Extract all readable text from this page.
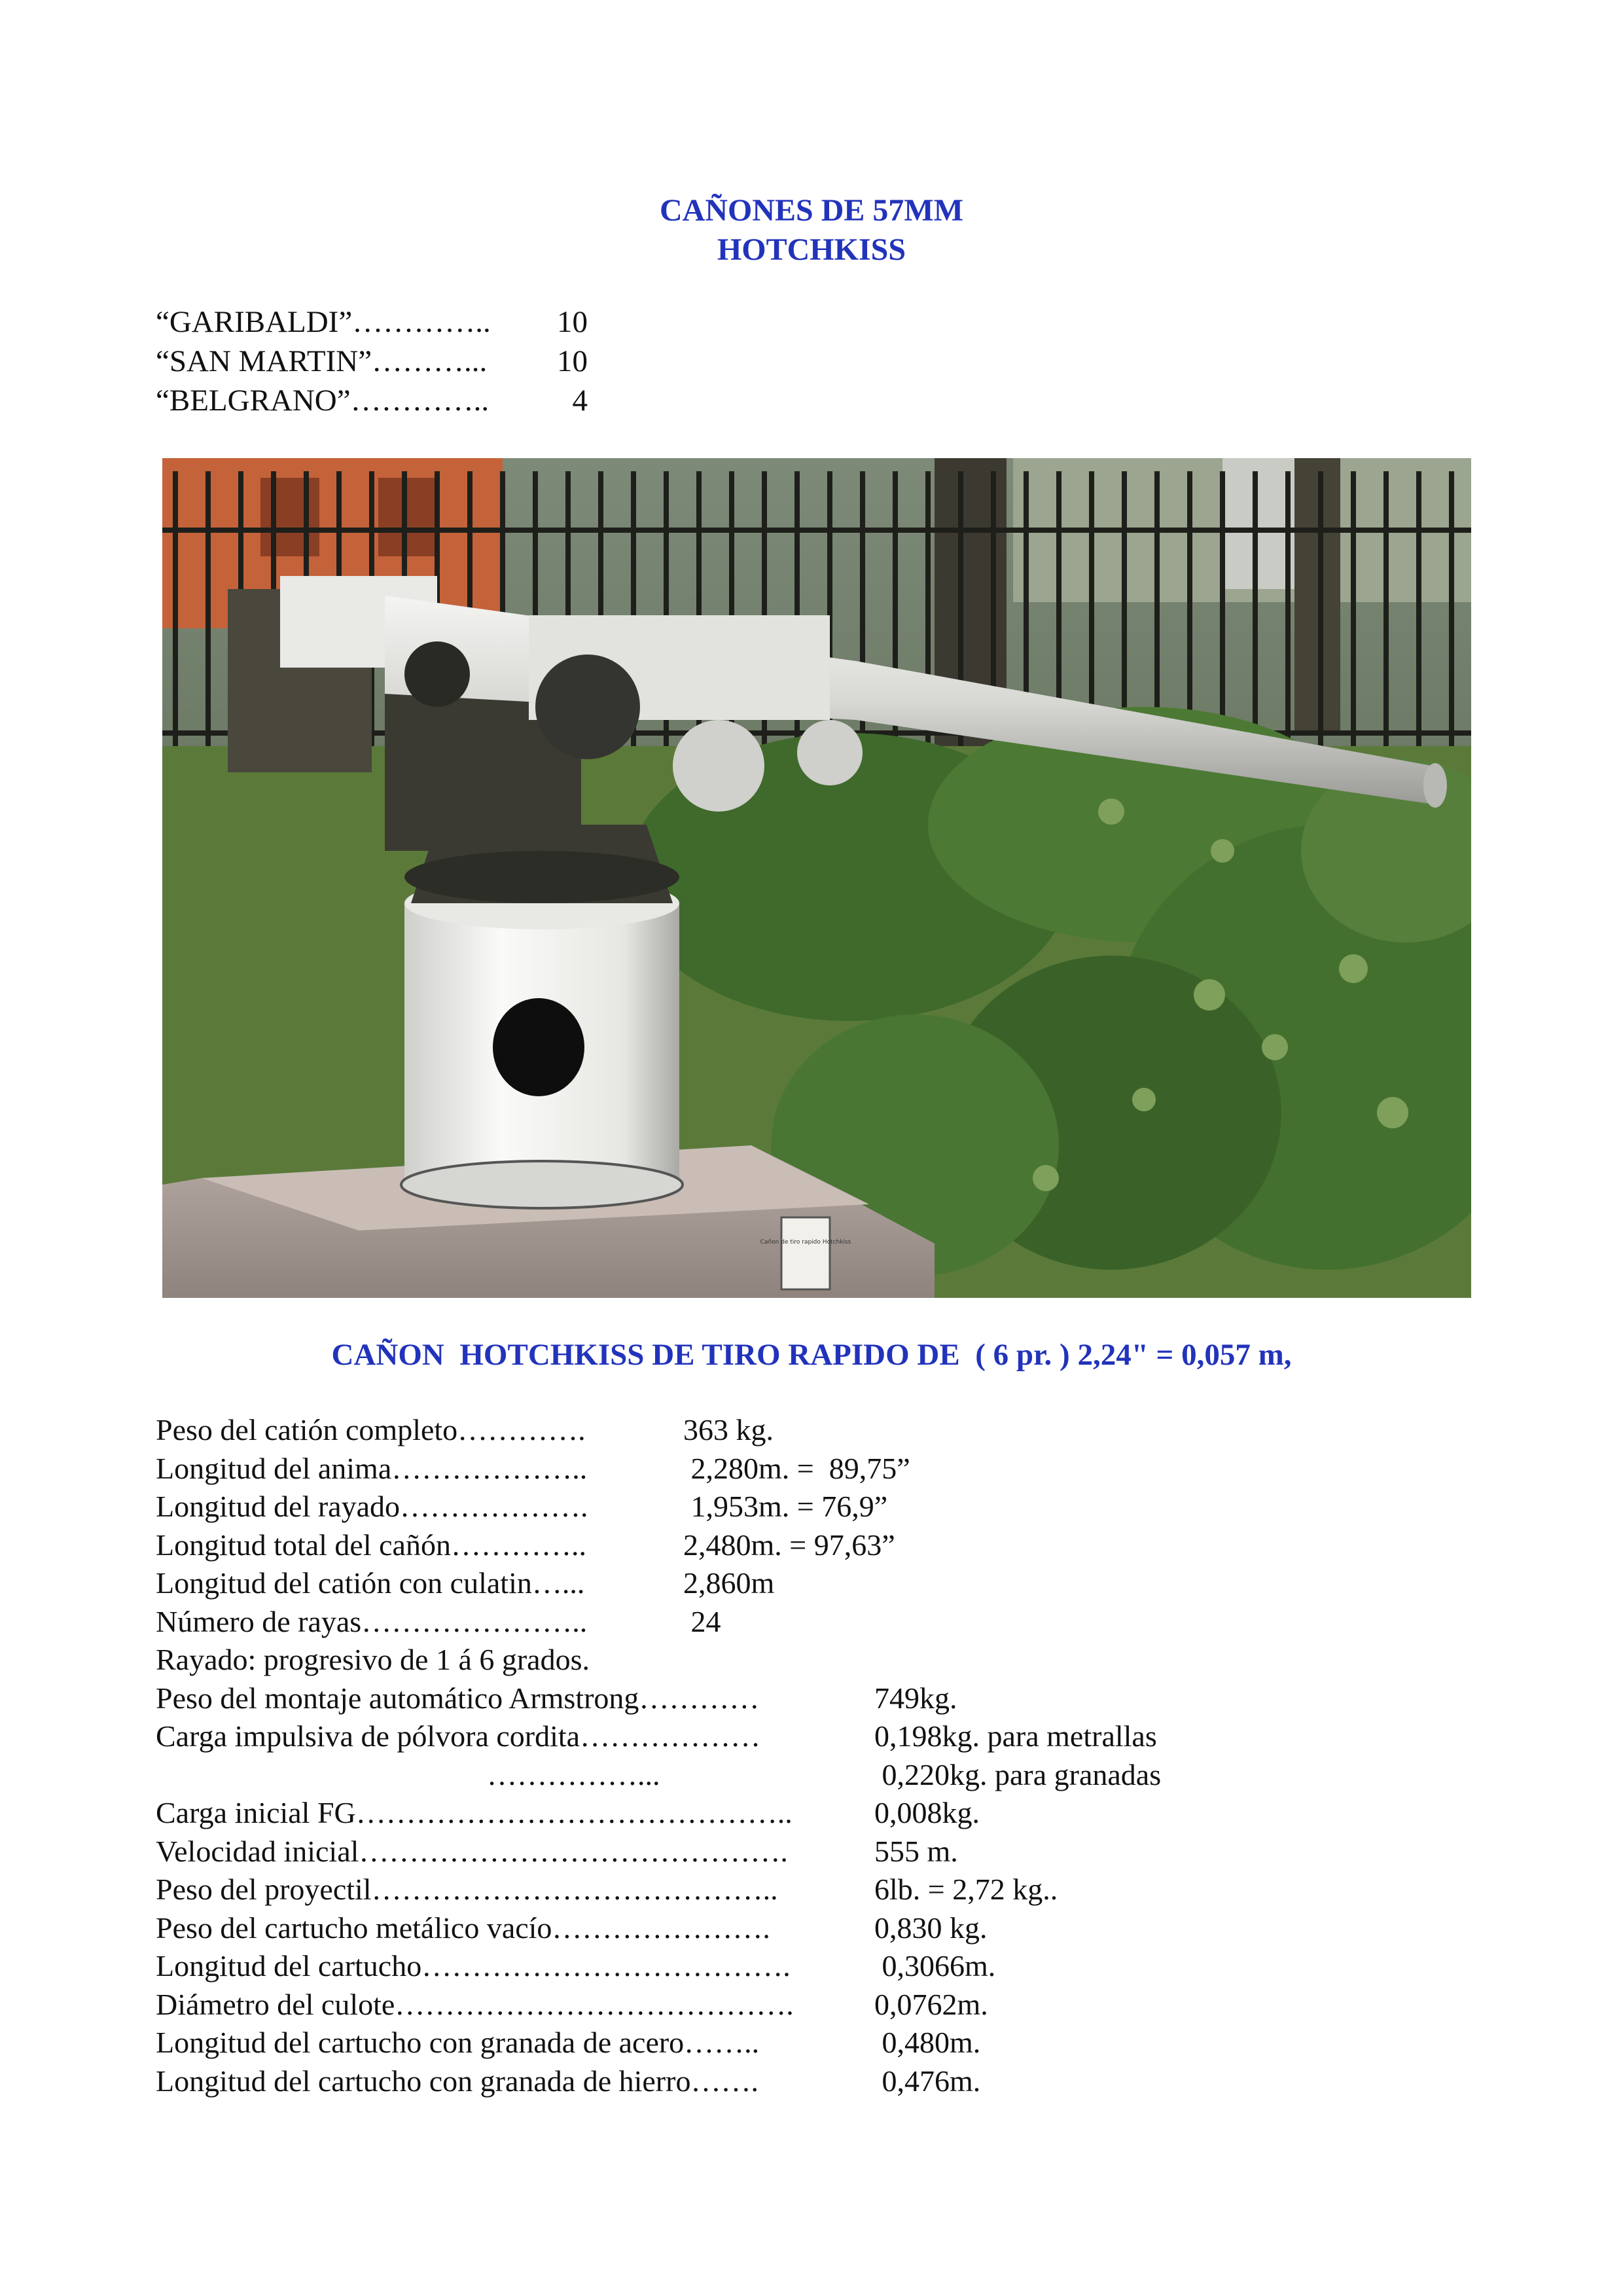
CAÑONES DE 57MM
HOTCHKISS
“GARIBALDI”…………..	10
“SAN MARTIN”………...	10
“BELGRANO”…………..	4
Cañon de tiro rapido Hotchkiss
CAÑON  HOTCHKISS DE TIRO RAPIDO DE  ( 6 pr. ) 2,24" = 0,057 m,
Peso del catión completo………….	363 kg.
Longitud del anima………………..	2,280m. =  89,75”
Longitud del rayado……………….	1,953m. = 76,9”
Longitud total del cañón…………..	2,480m. = 97,63”
Longitud del catión con culatin…...	2,860m
Número de rayas…………………..	24
Rayado: progresivo de 1 á 6 grados.
Peso del montaje automático Armstrong…………	749kg.
Carga impulsiva de pólvora cordita………………	0,198kg. para metrallas
……………...	0,220kg. para granadas
Carga inicial FG……………………………………..	0,008kg.
Velocidad inicial…………………………………….	555 m.
Peso del proyectil…………………………………..	6lb. = 2,72 kg..
Peso del cartucho metálico vacío………………….	0,830 kg.
Longitud del cartucho……………………………….	0,3066m.
Diámetro del culote………………………………….	0,0762m.
Longitud del cartucho con granada de acero……..	0,480m.
Longitud del cartucho con granada de hierro…….	0,476m.
